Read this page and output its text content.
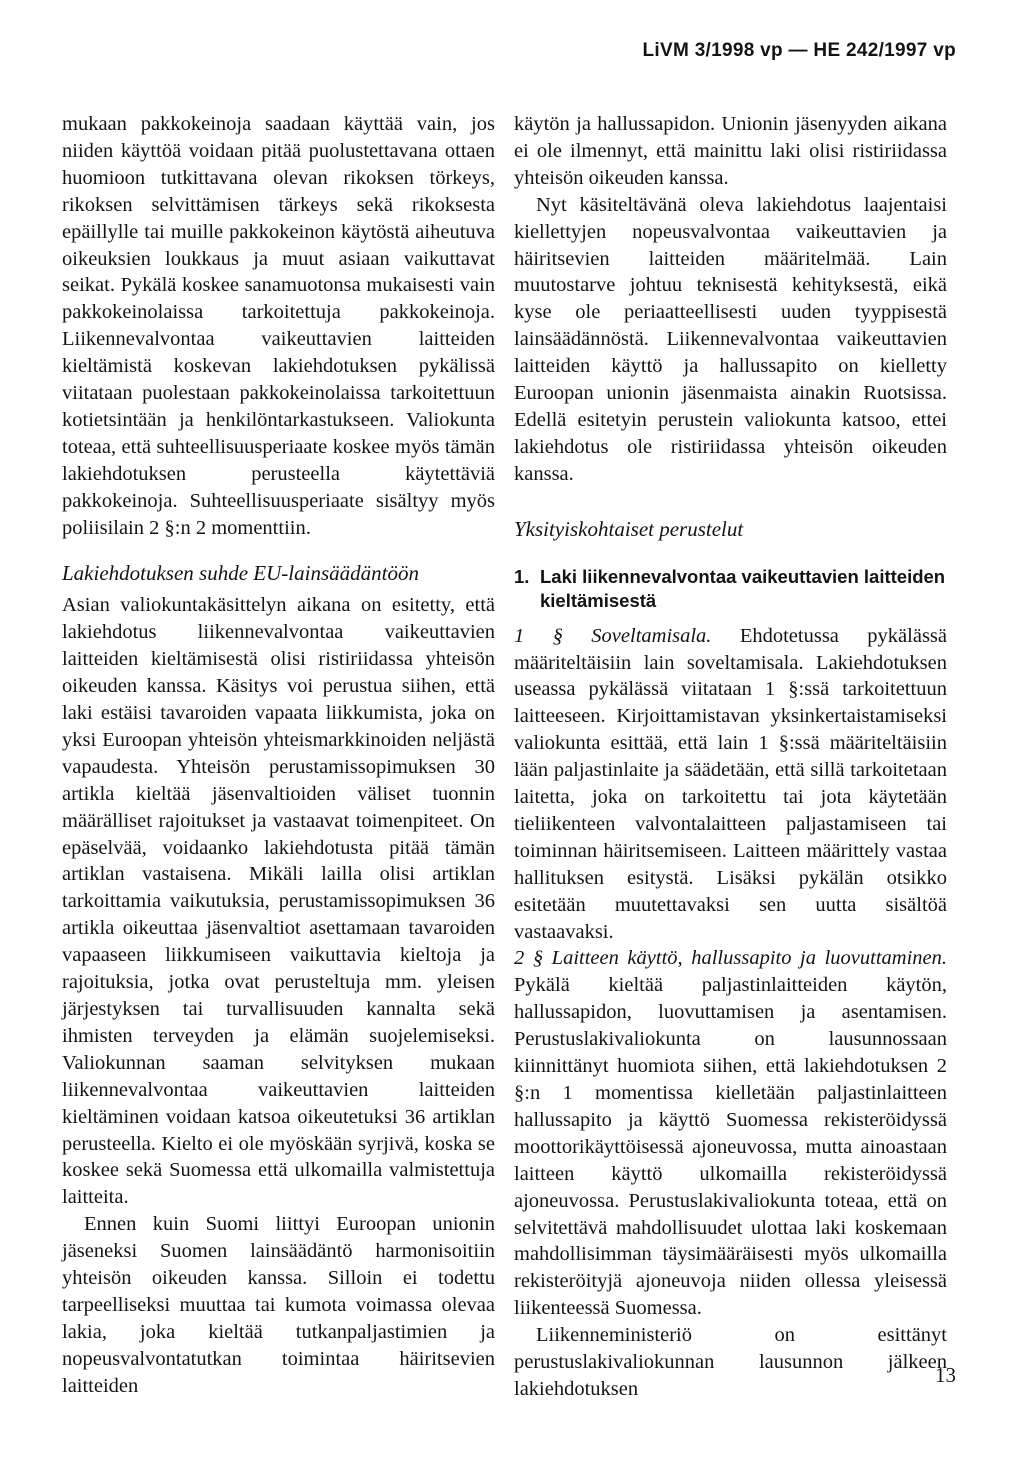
LiVM 3/1998 vp — HE 242/1997 vp

mukaan pakkokeinoja saadaan käyttää vain, jos niiden käyttöä voidaan pitää puolustettavana ottaen huomioon tutkittavana olevan rikoksen törkeys, rikoksen selvittämisen tärkeys sekä rikoksesta epäillylle tai muille pakkokeinon käytöstä aiheutuva oikeuksien loukkaus ja muut asiaan vaikuttavat seikat. Pykälä koskee sanamuotonsa mukaisesti vain pakkokeinolaissa tarkoitettuja pakkokeinoja. Liikennevalvontaa vaikeuttavien laitteiden kieltämistä koskevan lakiehdotuksen pykälissä viitataan puolestaan pakkokeinolaissa tarkoitettuun kotietsintään ja henkilöntarkastukseen. Valiokunta toteaa, että suhteellisuusperiaate koskee myös tämän lakiehdotuksen perusteella käytettäviä pakkokeinoja. Suhteellisuusperiaate sisältyy myös poliisilain 2 §:n 2 momenttiin.

Lakiehdotuksen suhde EU-lainsäädäntöön

Asian valiokuntakäsittelyn aikana on esitetty, että lakiehdotus liikennevalvontaa vaikeuttavien laitteiden kieltämisestä olisi ristiriidassa yhteisön oikeuden kanssa. Käsitys voi perustua siihen, että laki estäisi tavaroiden vapaata liikkumista, joka on yksi Euroopan yhteisön yhteismarkkinoiden neljästä vapaudesta. Yhteisön perustamissopimuksen 30 artikla kieltää jäsenvaltioiden väliset tuonnin määrälliset rajoitukset ja vastaavat toimenpiteet. On epäselvää, voidaanko lakiehdotusta pitää tämän artiklan vastaisena. Mikäli lailla olisi artiklan tarkoittamia vaikutuksia, perustamissopimuksen 36 artikla oikeuttaa jäsenvaltiot asettamaan tavaroiden vapaaseen liikkumiseen vaikuttavia kieltoja ja rajoituksia, jotka ovat perusteltuja mm. yleisen järjestyksen tai turvallisuuden kannalta sekä ihmisten terveyden ja elämän suojelemiseksi. Valiokunnan saaman selvityksen mukaan liikennevalvontaa vaikeuttavien laitteiden kieltäminen voidaan katsoa oikeutetuksi 36 artiklan perusteella. Kielto ei ole myöskään syrjivä, koska se koskee sekä Suomessa että ulkomailla valmistettuja laitteita.

Ennen kuin Suomi liittyi Euroopan unionin jäseneksi Suomen lainsäädäntö harmonisoitiin yhteisön oikeuden kanssa. Silloin ei todettu tarpeelliseksi muuttaa tai kumota voimassa olevaa lakia, joka kieltää tutkanpaljastimien ja nopeusvalvontatutkan toimintaa häiritsevien laitteiden

käytön ja hallussapidon. Unionin jäsenyyden aikana ei ole ilmennyt, että mainittu laki olisi ristiriidassa yhteisön oikeuden kanssa.

Nyt käsiteltävänä oleva lakiehdotus laajentaisi kiellettyjen nopeusvalvontaa vaikeuttavien ja häiritsevien laitteiden määritelmää. Lain muutostarve johtuu teknisestä kehityksestä, eikä kyse ole periaatteellisesti uuden tyyppisestä lainsäädännöstä. Liikennevalvontaa vaikeuttavien laitteiden käyttö ja hallussapito on kielletty Euroopan unionin jäsenmaista ainakin Ruotsissa. Edellä esitetyin perustein valiokunta katsoo, ettei lakiehdotus ole ristiriidassa yhteisön oikeuden kanssa.

Yksityiskohtaiset perustelut
1. Laki liikennevalvontaa vaikeuttavien laitteiden kieltämisestä

1 § Soveltamisala. Ehdotetussa pykälässä määriteltäisiin lain soveltamisala. Lakiehdotuksen useassa pykälässä viitataan 1 §:ssä tarkoitettuun laitteeseen. Kirjoittamistavan yksinkertaistamiseksi valiokunta esittää, että lain 1 §:ssä määriteltäisiin lään paljastinlaite ja säädetään, että sillä tarkoitetaan laitetta, joka on tarkoitettu tai jota käytetään tieliikenteen valvontalaitteen paljastamiseen tai toiminnan häiritsemiseen. Laitteen määrittely vastaa hallituksen esitystä. Lisäksi pykälän otsikko esitetään muutettavaksi sen uutta sisältöä vastaavaksi.

2 § Laitteen käyttö, hallussapito ja luovuttaminen. Pykälä kieltää paljastinlaitteiden käytön, hallussapidon, luovuttamisen ja asentamisen. Perustuslakivaliokunta on lausunnossaan kiinnittänyt huomiota siihen, että lakiehdotuksen 2 §:n 1 momentissa kielletään paljastinlaitteen hallussapito ja käyttö Suomessa rekisteröidyssä moottorikäyttöisessä ajoneuvossa, mutta ainoastaan laitteen käyttö ulkomailla rekisteröidyssä ajoneuvossa. Perustuslakivaliokunta toteaa, että on selvitettävä mahdollisuudet ulottaa laki koskemaan mahdollisimman täysimääräisesti myös ulkomailla rekisteröityjä ajoneuvoja niiden ollessa yleisessä liikenteessä Suomessa.

Liikenneministeriö on esittänyt perustuslakivaliokunnan lausunnon jälkeen lakiehdotuksen

13
